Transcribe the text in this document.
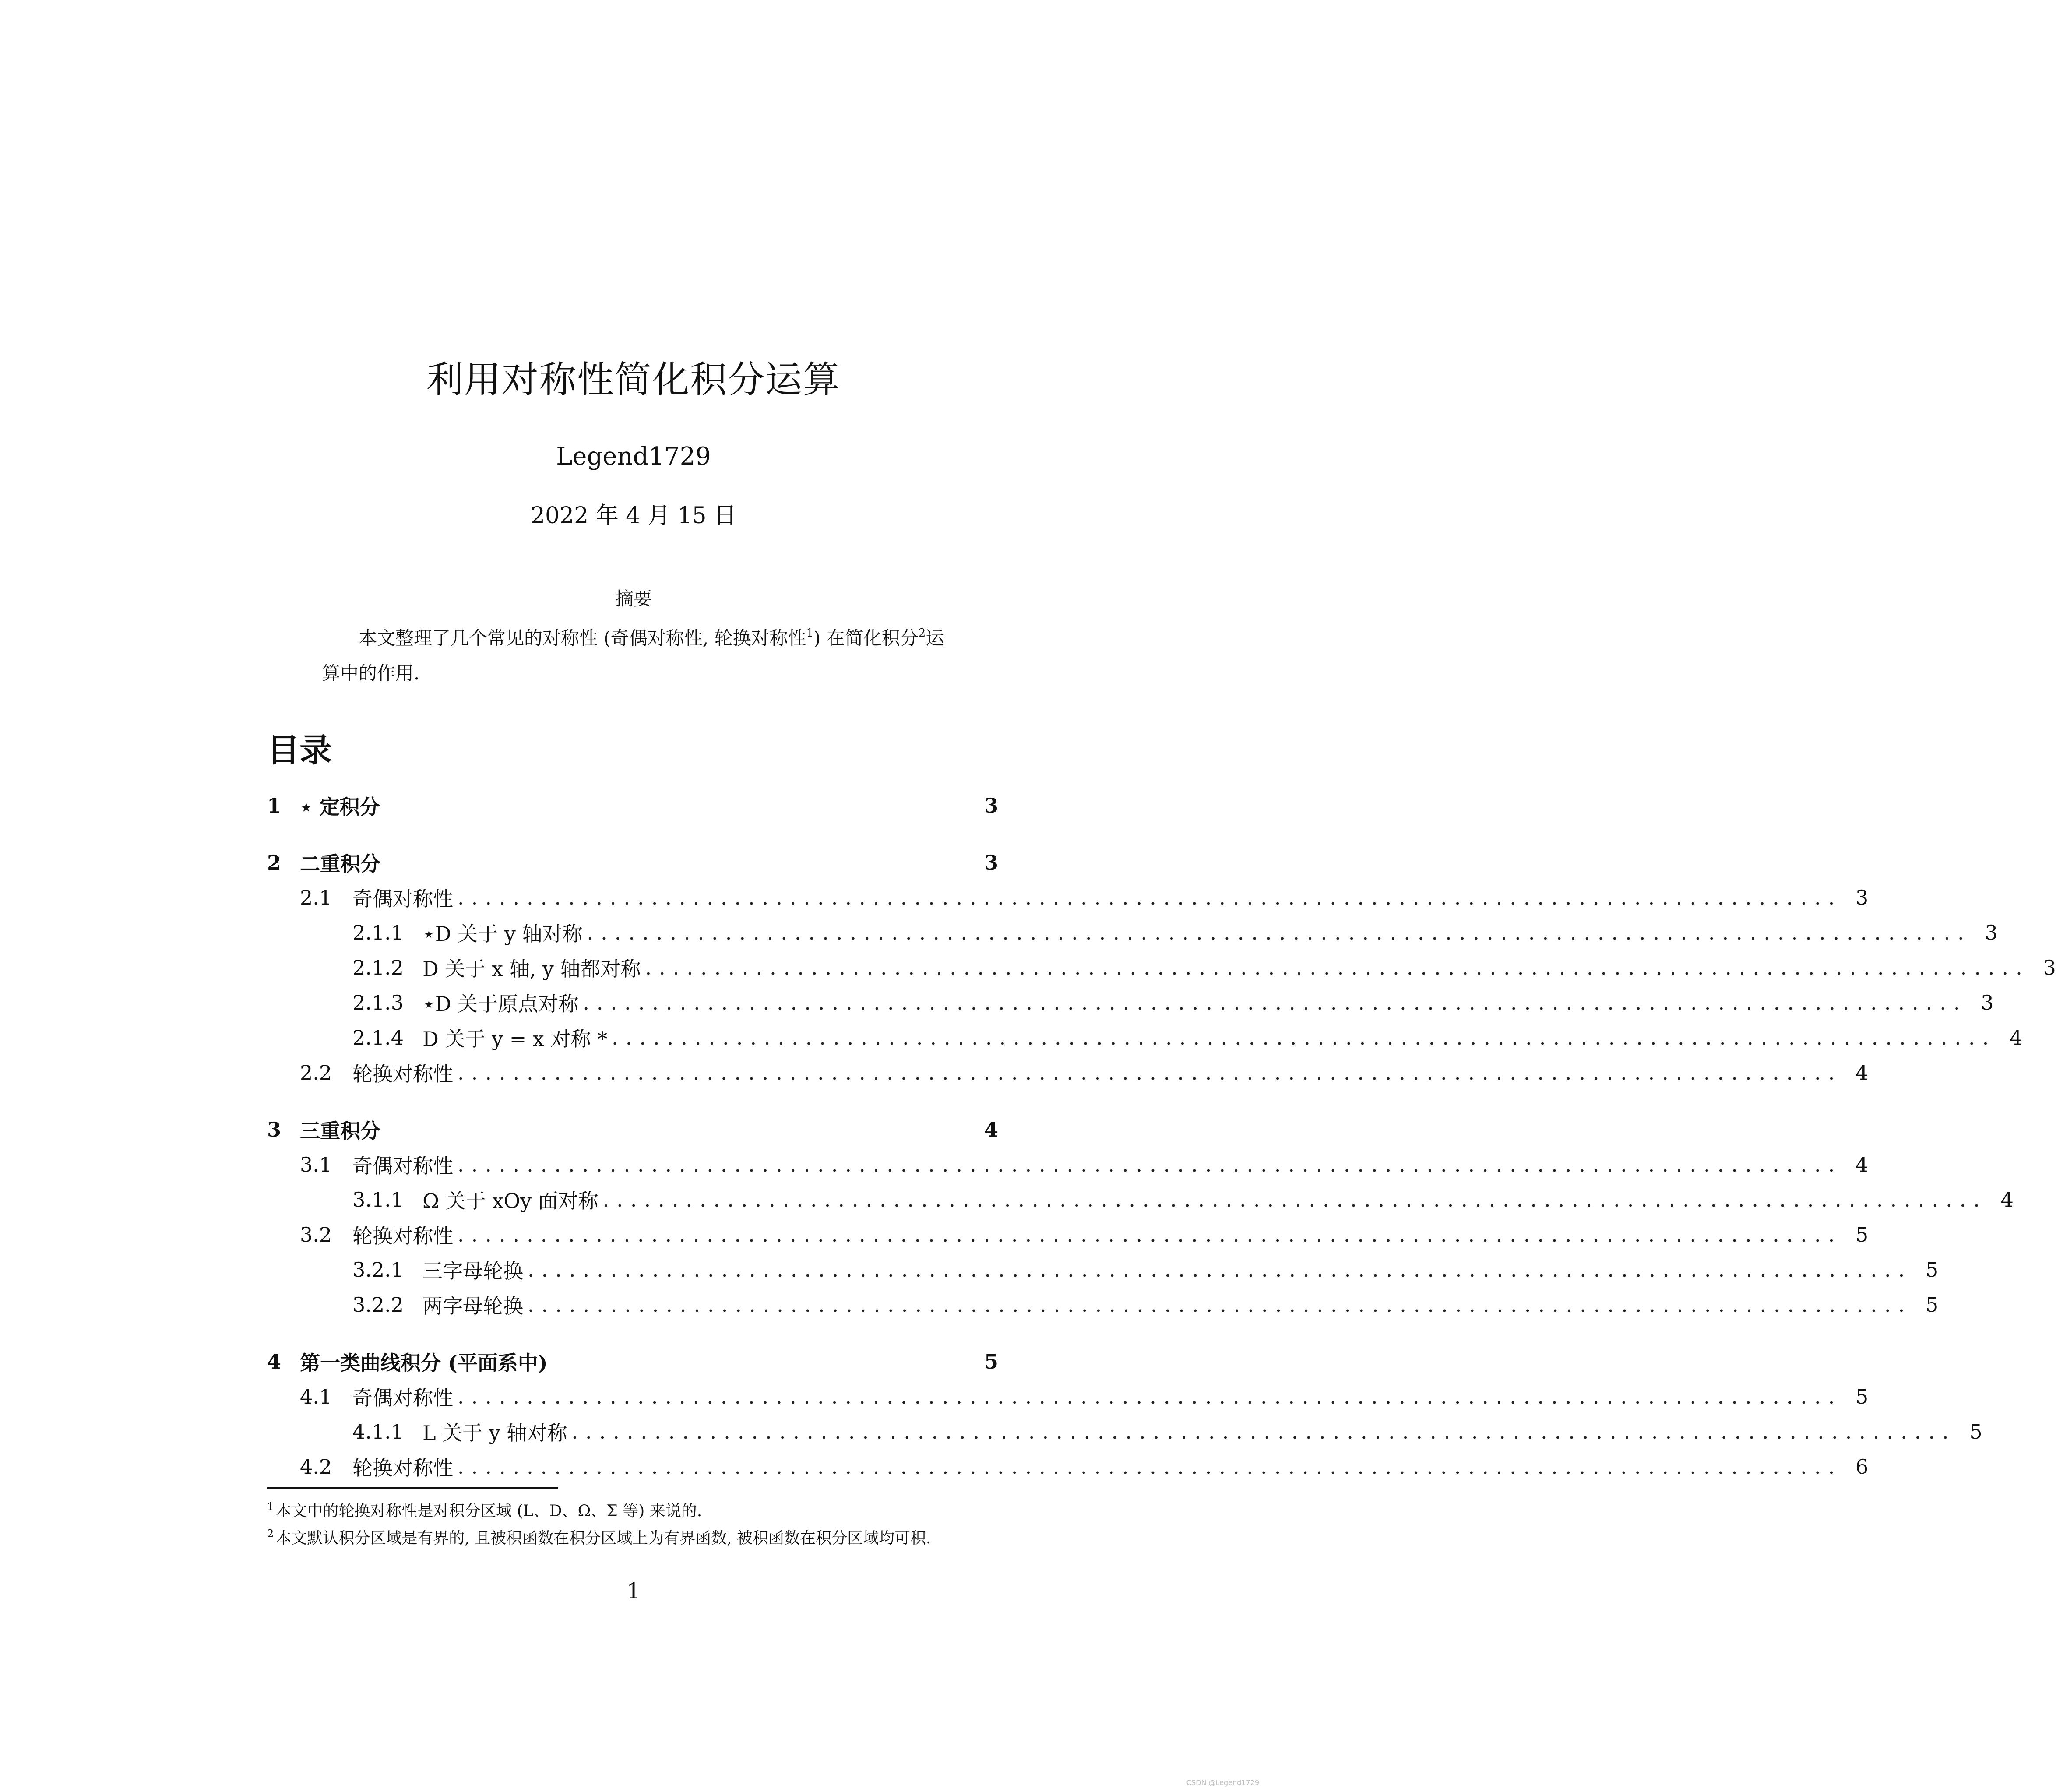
利用对称性简化积分运算
Legend1729
2022 年 4 月 15 日
摘要
本文整理了几个常见的对称性 (奇偶对称性, 轮换对称性$^1$) 在简化积分$^2$运算中的作用.
目录
1 ⋆ 定积分	3
2 二重积分	3
2.1	奇偶对称性 .................................................................................................... 3
2.1.1 ⋆D 关于 y 轴对称 .................................................................................................... 3
2.1.2 D 关于 x 轴, y 轴都对称 .................................................................................................... 3
2.1.3 ⋆D 关于原点对称 .................................................................................................... 3
2.1.4 D 关于 y = x 对称 * .................................................................................................... 4
2.2	轮换对称性 .................................................................................................... 4
3 三重积分	4
3.1	奇偶对称性 .................................................................................................... 4
3.1.1 Ω 关于 xOy 面对称 .................................................................................................... 4
3.2	轮换对称性 .................................................................................................... 5
3.2.1 三字母轮换 .................................................................................................... 5
3.2.2 两字母轮换 .................................................................................................... 5
4 第一类曲线积分 (平面系中)	5
4.1	奇偶对称性 .................................................................................................... 5
4.1.1 L 关于 y 轴对称 .................................................................................................... 5
4.2	轮换对称性 .................................................................................................... 6
$^1$ 本文中的轮换对称性是对积分区域 (L、D、Ω、Σ 等) 来说的.
$^2$ 本文默认积分区域是有界的, 且被积函数在积分区域上为有界函数, 被积函数在积分区域均可积.
1
CSDN @Legend1729
